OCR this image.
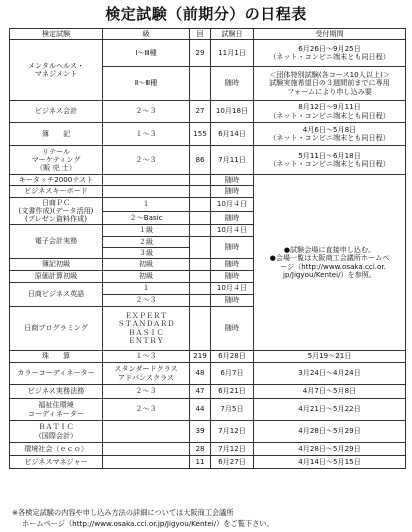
検定試験（前期分）の日程表
検定試験	級	回	試験日	受付期間

メンタルヘルス・
マネジメント	Ⅰ～Ⅲ種	29	11月1日	6月26日～9月25日
（ネット・コンビニ端末とも同日程）

	Ⅱ～Ⅲ種		随時	＜団体特別試験(各コース10人以上)＞
試験実施希望日の３週間前までに専用
フォームにより申し込み要

ビジネス会計	２～３	27	10月18日	8月12日～9月11日
（ネット・コンビニ端末とも同日程）

簿　　記	１～３	155	6月14日	4月6日～5月8日
（ネット・コンビニ端末とも同日程）

リテール
マーケティング
（販 売 士）	２～３	86	7月11日	5月11日～6月18日
（ネット・コンビニ端末とも同日程）

キータッチ2000テスト			随時	●試験会場に直接申し込む。
●会場一覧は大阪商工会議所ホームペ
　ージ（http://www.osaka.cci.or.
jp/Jigyou/Kentei/）を参照。

ビジネスキーボード			随時	

日商ＰＣ
(文書作成)(データ活用)
(プレゼン資料作成)	１		10月４日	
	２～Basic		随時	
電子会計実務	１級		10月４日	
	２級		随時	
	３級			
簿記初級	初級		随時	
原価計算初級	初級		随時	
日商ビジネス英語	１		10月４日	
	２～３		随時	
日商プログラミング	ＥＸＰＥＲＴ
ＳＴＡＮＤＡＲＤ
ＢＡＳＩＣ
ＥＮＴＲＹ		随時	
珠　　算	１～３	219	6月28日	5月19～21日
カラーコーディネーター	スタンダードクラス
アドバンスクラス	48	6月7日	3月24日～4月24日
ビジネス実務法務	２～３	47	6月21日	4月7日～5月8日

福祉住環境
コーディネーター	２～３	44	7月5日	4月21日～5月22日

ＢＡＴＩＣ
（国際会計）		39	7月12日	4月28日～5月29日
環境社会（ｅｃｏ）		28	7月12日	4月28日～5月29日
ビジネスマネジャー		11	6月27日	4月14日～5月15日
※各検定試験の内容や申し込み方法の詳細については大阪商工会議所
ホームページ（http://www.osaka.cci.or.jp/Jigyou/Kentei/）をご覧下さい。
